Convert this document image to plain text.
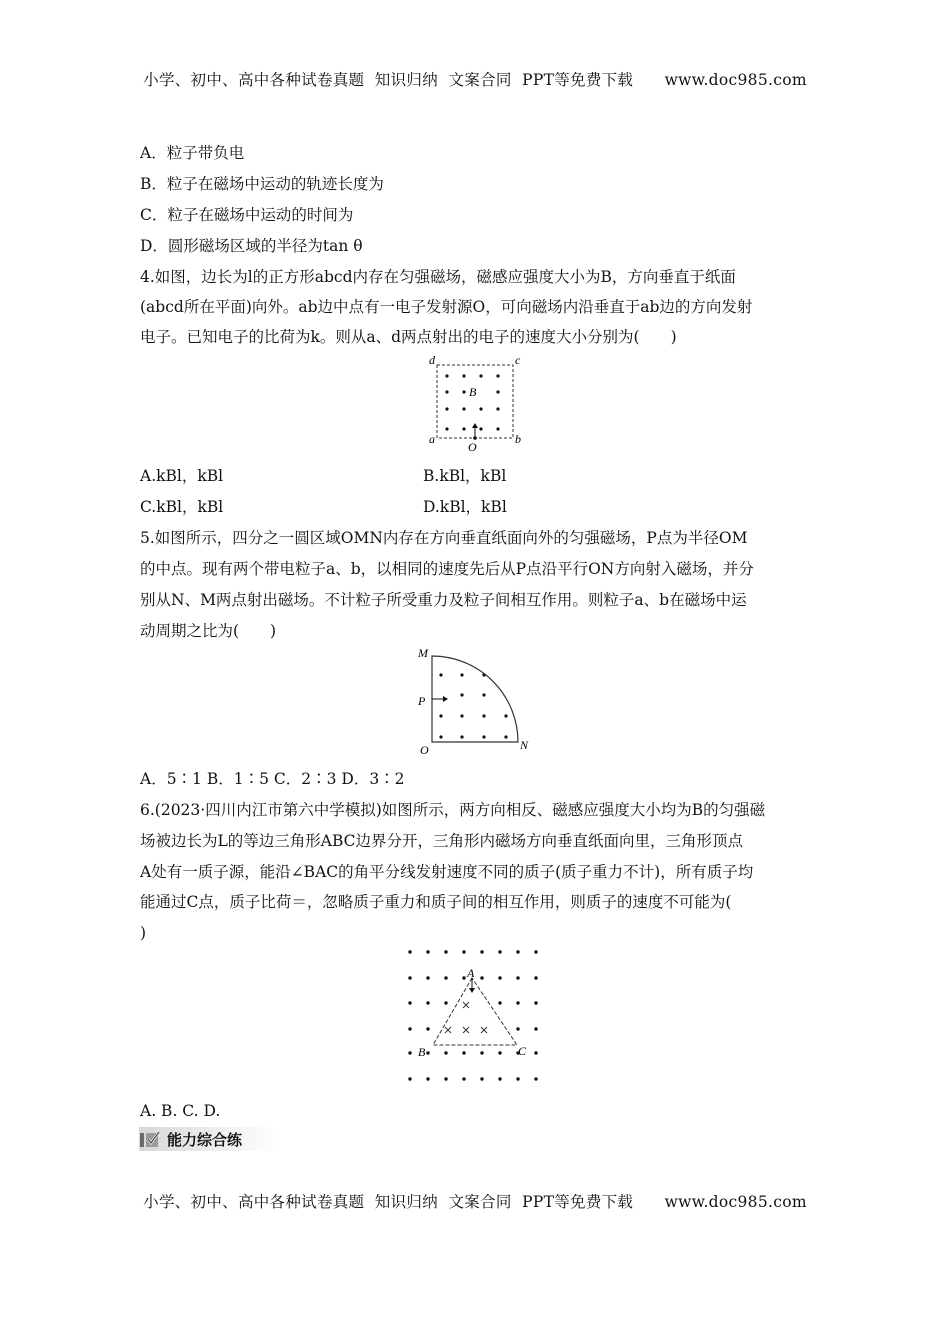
小学、初中、高中各种试卷真题  知识归纳  文案合同  PPT等免费下载      www.doc985.com
A．粒子带负电
B．粒子在磁场中运动的轨迹长度为
C．粒子在磁场中运动的时间为
D．圆形磁场区域的半径为tan θ
4.如图，边长为l的正方形abcd内存在匀强磁场，磁感应强度大小为B，方向垂直于纸面
(abcd所在平面)向外。ab边中点有一电子发射源O，可向磁场内沿垂直于ab边的方向发射
电子。已知电子的比荷为k。则从a、d两点射出的电子的速度大小分别为(　　)
d	c
a	b
B
O
A.kBl，kBl	B.kBl，kBl
C.kBl，kBl	D.kBl，kBl
5.如图所示，四分之一圆区域OMN内存在方向垂直纸面向外的匀强磁场，P点为半径OM
的中点。现有两个带电粒子a、b，以相同的速度先后从P点沿平行ON方向射入磁场，并分
别从N、M两点射出磁场。不计粒子所受重力及粒子间相互作用。则粒子a、b在磁场中运
动周期之比为(　　)
M
P
O	N
A．5∶1 B．1∶5 C．2∶3 D．3∶2
6.(2023·四川内江市第六中学模拟)如图所示，两方向相反、磁感应强度大小均为B的匀强磁
场被边长为L的等边三角形ABC边界分开，三角形内磁场方向垂直纸面向里，三角形顶点
A处有一质子源，能沿∠BAC的角平分线发射速度不同的质子(质子重力不计)，所有质子均
能通过C点，质子比荷＝，忽略质子重力和质子间的相互作用，则质子的速度不可能为(
)
A
B	C
A. B. C. D.
能力综合练
小学、初中、高中各种试卷真题  知识归纳  文案合同  PPT等免费下载      www.doc985.com
